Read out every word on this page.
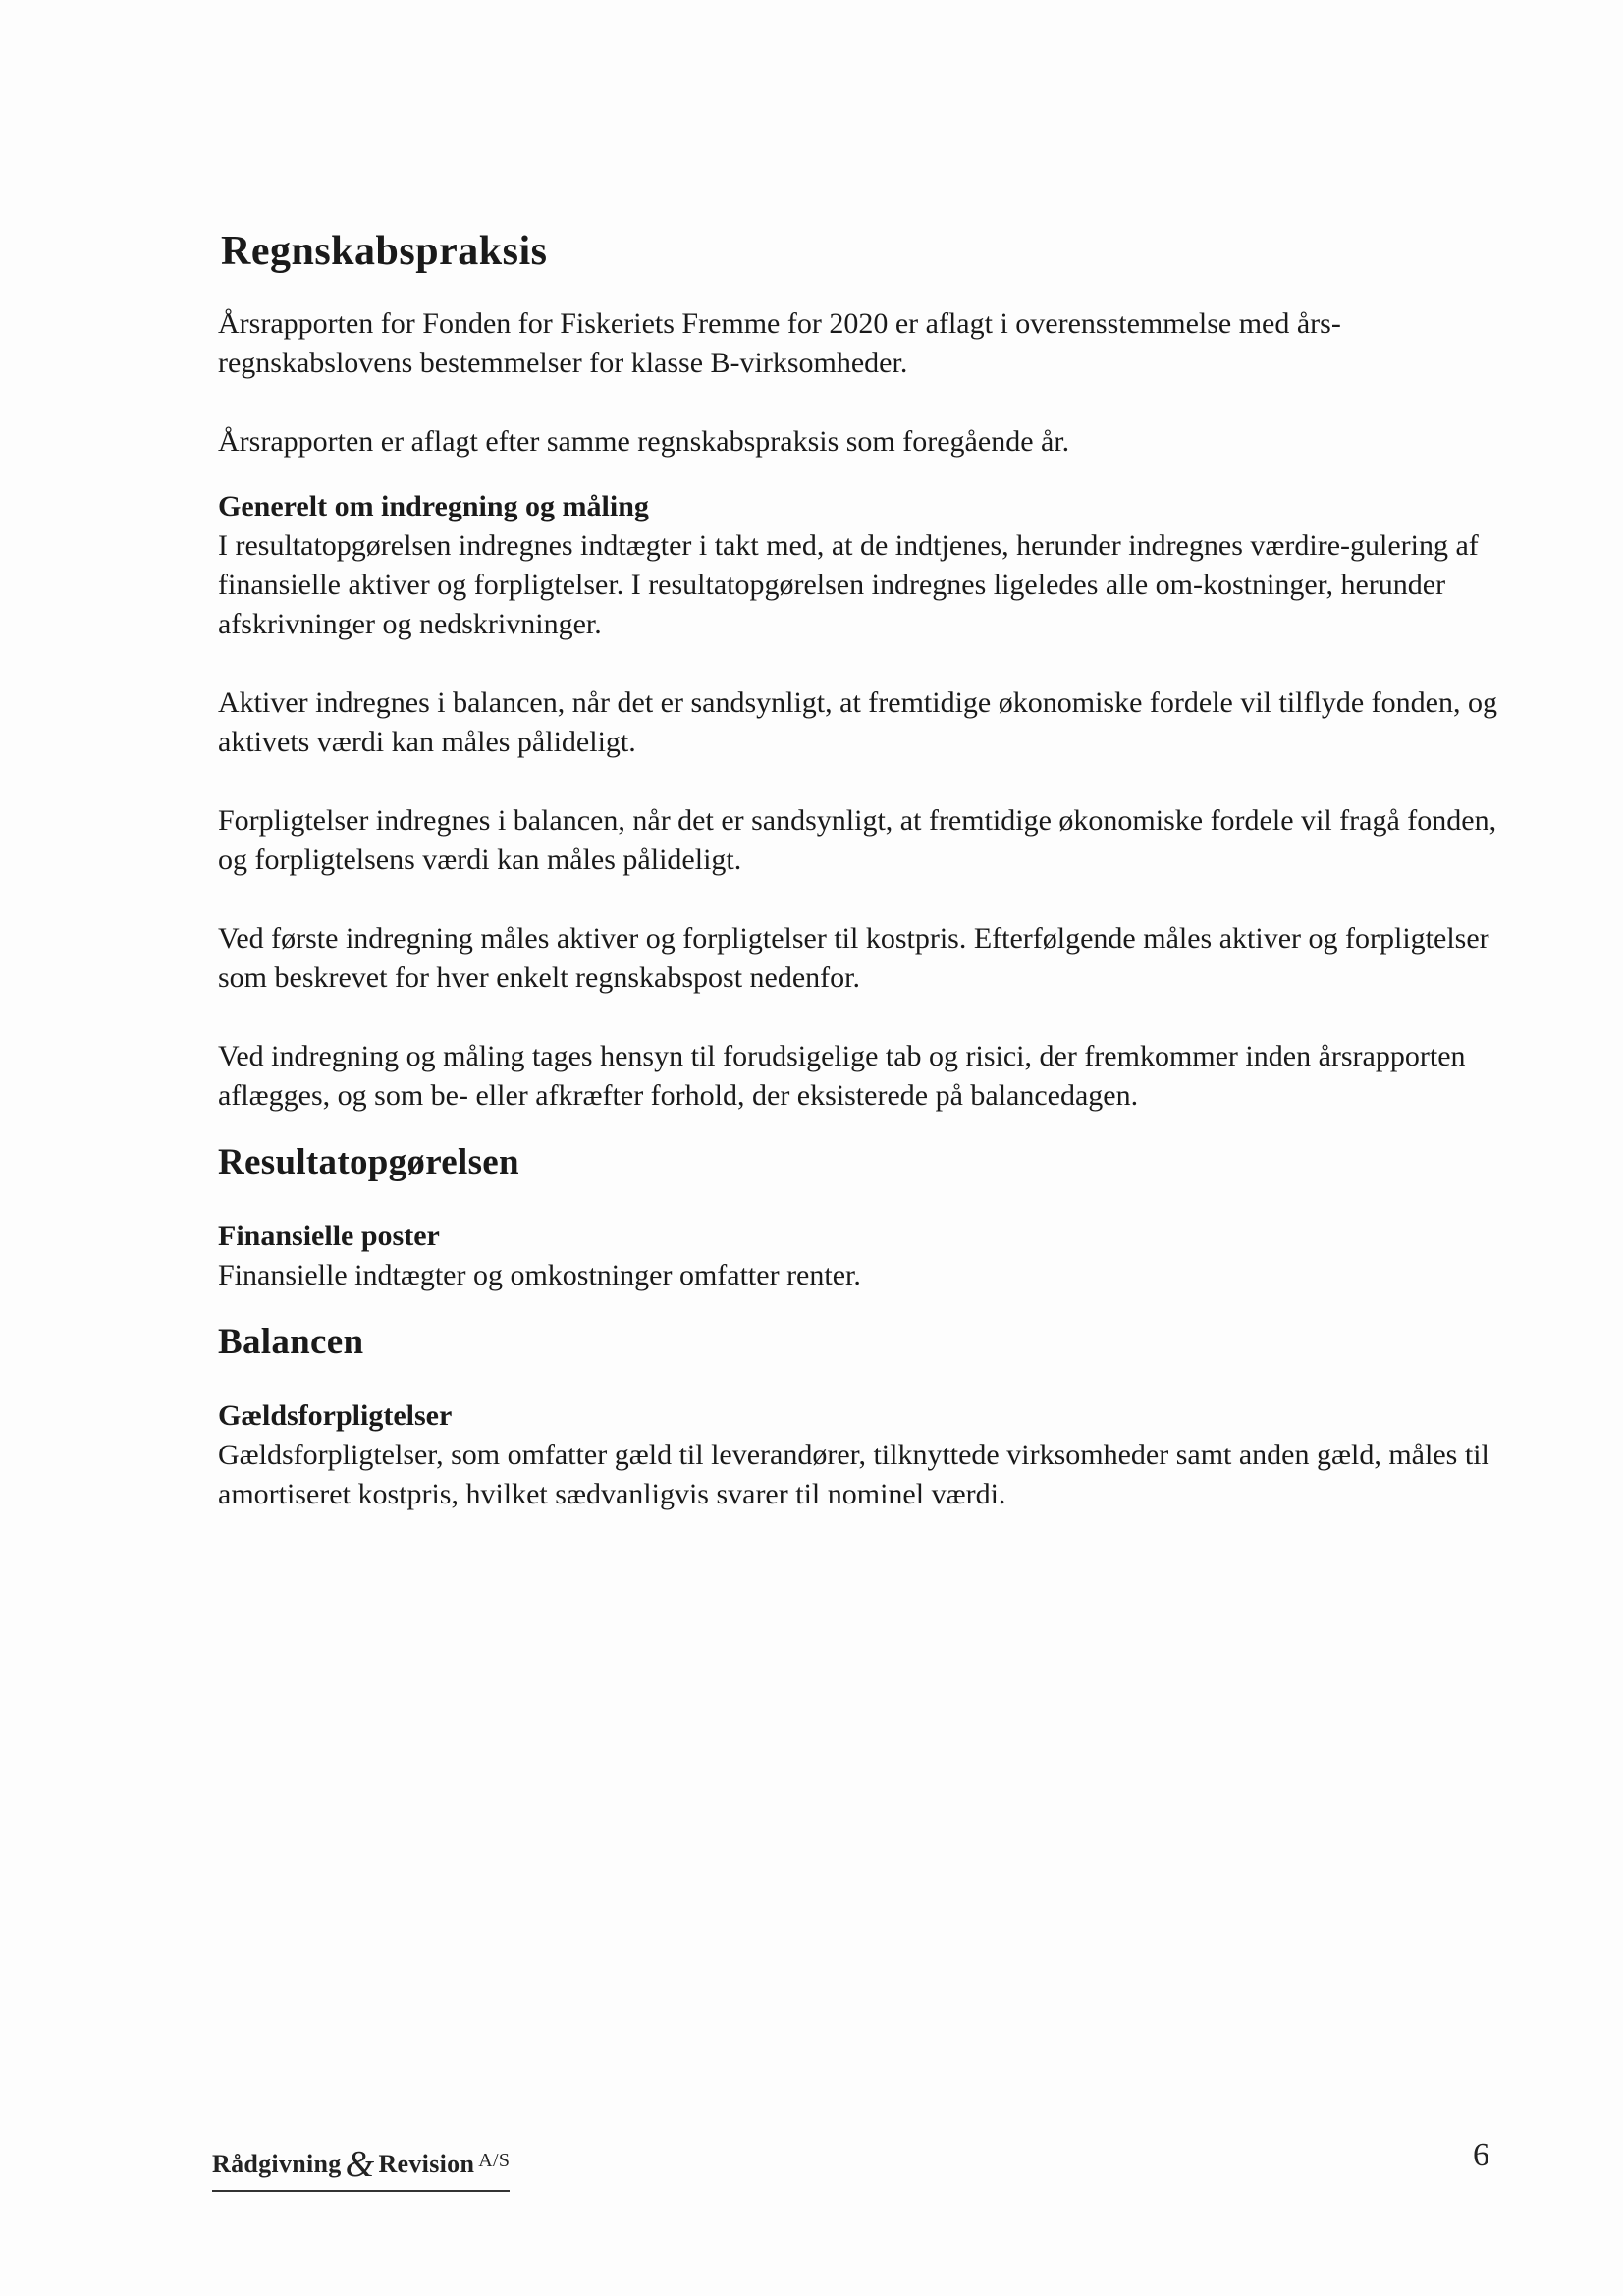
Regnskabspraksis

Årsrapporten for Fonden for Fiskeriets Fremme for 2020 er aflagt i overensstemmelse med års-regnskabslovens bestemmelser for klasse B-virksomheder.

Årsrapporten er aflagt efter samme regnskabspraksis som foregående år.

Generelt om indregning og måling

I resultatopgørelsen indregnes indtægter i takt med, at de indtjenes, herunder indregnes værdire-gulering af finansielle aktiver og forpligtelser. I resultatopgørelsen indregnes ligeledes alle om-kostninger, herunder afskrivninger og nedskrivninger.

Aktiver indregnes i balancen, når det er sandsynligt, at fremtidige økonomiske fordele vil tilflyde fonden, og aktivets værdi kan måles pålideligt.

Forpligtelser indregnes i balancen, når det er sandsynligt, at fremtidige økonomiske fordele vil fragå fonden, og forpligtelsens værdi kan måles pålideligt.

Ved første indregning måles aktiver og forpligtelser til kostpris. Efterfølgende måles aktiver og forpligtelser som beskrevet for hver enkelt regnskabspost nedenfor.

Ved indregning og måling tages hensyn til forudsigelige tab og risici, der fremkommer inden årsrapporten aflægges, og som be- eller afkræfter forhold, der eksisterede på balancedagen.

Resultatopgørelsen
Finansielle poster

Finansielle indtægter og omkostninger omfatter renter.

Balancen
Gældsforpligtelser

Gældsforpligtelser, som omfatter gæld til leverandører, tilknyttede virksomheder samt anden gæld, måles til amortiseret kostpris, hvilket sædvanligvis svarer til nominel værdi.

Rådgivning & Revision $^{A/S}$	6
